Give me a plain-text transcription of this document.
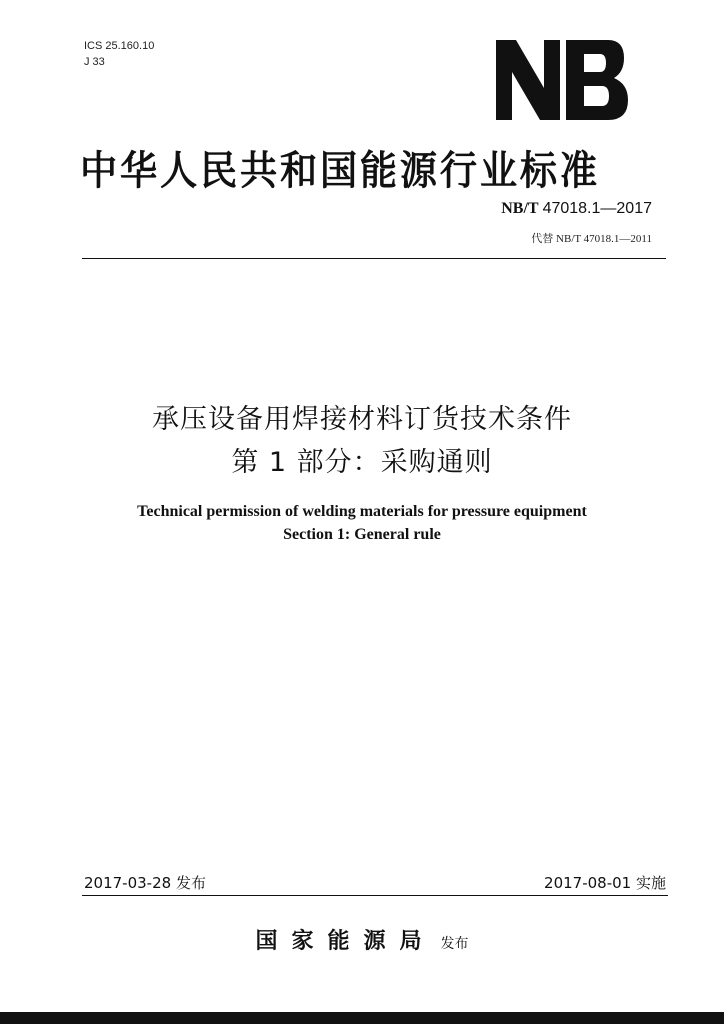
ICS 25.160.10
J 33
中华人民共和国能源行业标准
NB/T 47018.1—2017
代替 NB/T 47018.1—2011
承压设备用焊接材料订货技术条件
第 1 部分：采购通则
Technical permission of welding materials for pressure equipment
Section 1: General rule
2017-03-28 发布	2017-08-01 实施
国家能源局 发布
